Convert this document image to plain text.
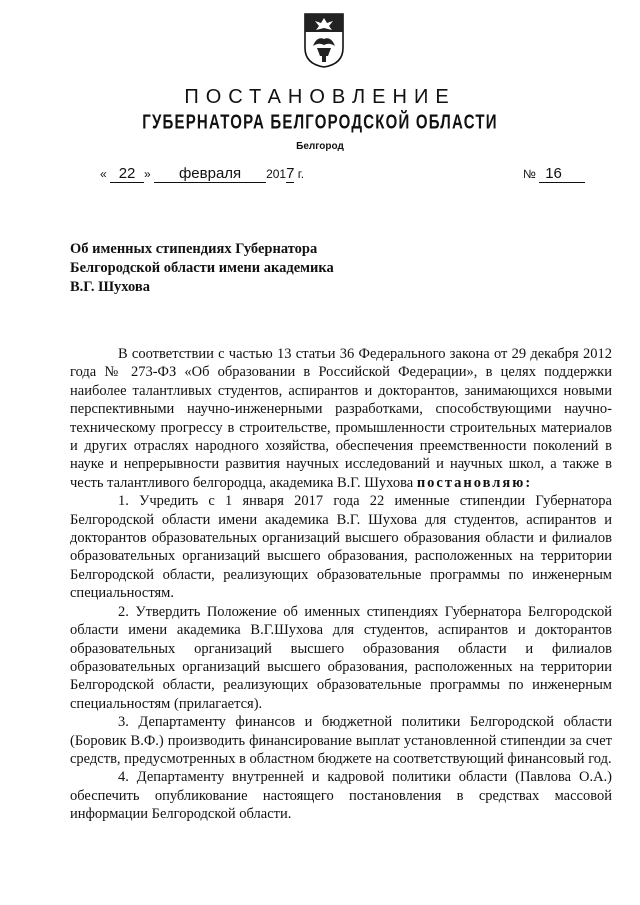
ПОСТАНОВЛЕНИЕ
ГУБЕРНАТОРА БЕЛГОРОДСКОЙ ОБЛАСТИ
Белгород
« 22 » февраля 2017 г.	№ 16
Об именных стипендиях Губернатора
Белгородской области имени академика
В.Г. Шухова

В соответствии с частью 13 статьи 36 Федерального закона от 29 декабря 2012 года № 273-ФЗ «Об образовании в Российской Федерации», в целях поддержки наиболее талантливых студентов, аспирантов и докторантов, занимающихся новыми перспективными научно-инженерными разработками, способствующими научно-техническому прогрессу в строительстве, промышленности строительных материалов и других отраслях народного хозяйства, обеспечения преемственности поколений в науке и непрерывности развития научных исследований и научных школ, а также в честь талантливого белгородца, академика В.Г. Шухова постановляю:

1. Учредить с 1 января 2017 года 22 именные стипендии Губернатора Белгородской области имени академика В.Г. Шухова для студентов, аспирантов и докторантов образовательных организаций высшего образования области и филиалов образовательных организаций высшего образования, расположенных на территории Белгородской области, реализующих образовательные программы по инженерным специальностям.

2. Утвердить Положение об именных стипендиях Губернатора Белгородской области имени академика В.Г.Шухова для студентов, аспирантов и докторантов образовательных организаций высшего образования области и филиалов образовательных организаций высшего образования, расположенных на территории Белгородской области, реализующих образовательные программы по инженерным специальностям (прилагается).

3. Департаменту финансов и бюджетной политики Белгородской области (Боровик В.Ф.) производить финансирование выплат установленной стипендии за счет средств, предусмотренных в областном бюджете на соответствующий финансовый год.

4. Департаменту внутренней и кадровой политики области (Павлова О.А.) обеспечить опубликование настоящего постановления в средствах массовой информации Белгородской области.
